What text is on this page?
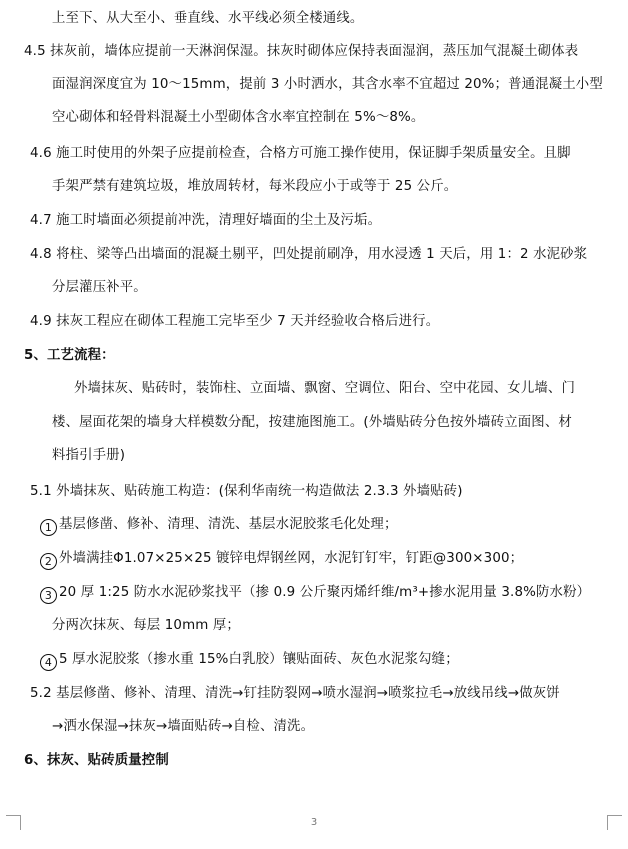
上至下、从大至小、垂直线、水平线必须全楼通线。
4.5 抹灰前，墙体应提前一天淋润保湿。抹灰时砌体应保持表面湿润，蒸压加气混凝土砌体表
面湿润深度宜为 10～15mm，提前 3 小时洒水，其含水率不宜超过 20%；普通混凝土小型
空心砌体和轻骨料混凝土小型砌体含水率宜控制在 5%～8%。
4.6 施工时使用的外架子应提前检查，合格方可施工操作使用，保证脚手架质量安全。且脚
手架严禁有建筑垃圾，堆放周转材，每米段应小于或等于 25 公斤。
4.7 施工时墙面必须提前冲洗，清理好墙面的尘土及污垢。
4.8 将柱、梁等凸出墙面的混凝土剔平，凹处提前刷净，用水浸透 1 天后，用 1：2 水泥砂浆
分层灌压补平。
4.9 抹灰工程应在砌体工程施工完毕至少 7 天并经验收合格后进行。
5、工艺流程：
外墙抹灰、贴砖时，装饰柱、立面墙、飘窗、空调位、阳台、空中花园、女儿墙、门
楼、屋面花架的墙身大样模数分配，按建施图施工。(外墙贴砖分色按外墙砖立面图、材
料指引手册)
5.1 外墙抹灰、贴砖施工构造：(保利华南统一构造做法 2.3.3 外墙贴砖)
1 基层修凿、修补、清理、清洗、基层水泥胶浆毛化处理；
2 外墙满挂Φ1.07×25×25 镀锌电焊钢丝网，水泥钉钉牢，钉距@300×300；
3 20 厚 1:25 防水水泥砂浆找平（掺 0.9 公斤聚丙烯纤维/m³+掺水泥用量 3.8%防水粉）
分两次抹灰、每层 10mm 厚；
4 5 厚水泥胶浆（掺水重 15%白乳胶）镶贴面砖、灰色水泥浆勾缝；
5.2 基层修凿、修补、清理、清洗→钉挂防裂网→喷水湿润→喷浆拉毛→放线吊线→做灰饼
→洒水保湿→抹灰→墙面贴砖→自检、清洗。
6、抹灰、贴砖质量控制
3
